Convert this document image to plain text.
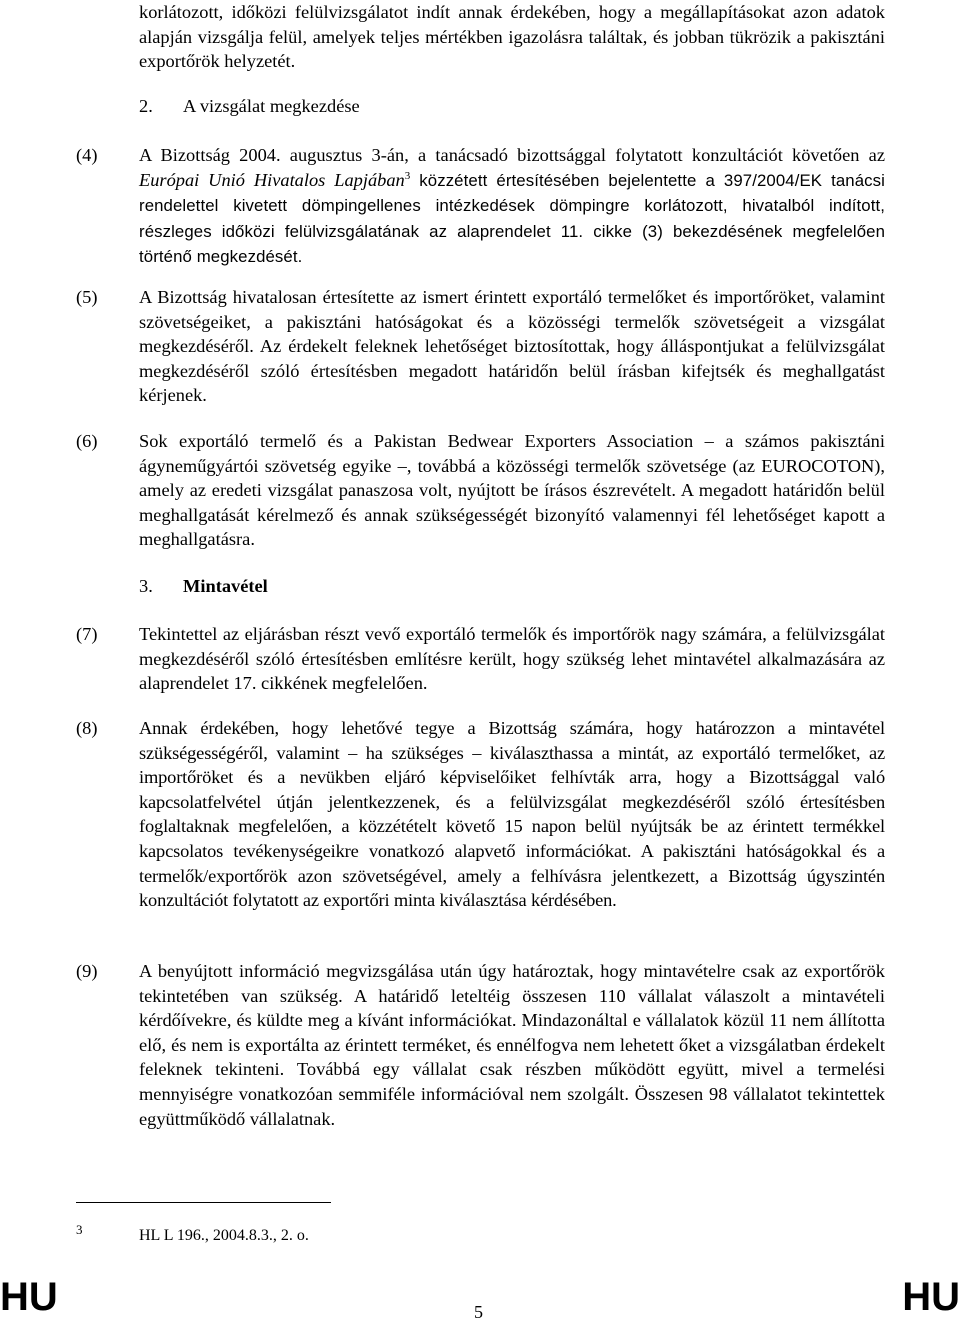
korlátozott, időközi felülvizsgálatot indít annak érdekében, hogy a megállapításokat azon adatok alapján vizsgálja felül, amelyek teljes mértékben igazolásra találtak, és jobban tükrözik a pakisztáni exportőrök helyzetét.
2. A vizsgálat megkezdése
(4) A Bizottság 2004. augusztus 3-án, a tanácsadó bizottsággal folytatott konzultációt követően az Európai Unió Hivatalos Lapjában$^3$ közzétett értesítésében bejelentette a 397/2004/EK tanácsi rendelettel kivetett dömpingellenes intézkedések dömpingre korlátozott, hivatalból indított, részleges időközi felülvizsgálatának az alaprendelet 11. cikke (3) bekezdésének megfelelően történő megkezdését.
(5) A Bizottság hivatalosan értesítette az ismert érintett exportáló termelőket és importőröket, valamint szövetségeiket, a pakisztáni hatóságokat és a közösségi termelők szövetségeit a vizsgálat megkezdéséről. Az érdekelt feleknek lehetőséget biztosítottak, hogy álláspontjukat a felülvizsgálat megkezdéséről szóló értesítésben megadott határidőn belül írásban kifejtsék és meghallgatást kérjenek.
(6) Sok exportáló termelő és a Pakistan Bedwear Exporters Association – a számos pakisztáni ágyneműgyártói szövetség egyike –, továbbá a közösségi termelők szövetsége (az EUROCOTON), amely az eredeti vizsgálat panaszosa volt, nyújtott be írásos észrevételt. A megadott határidőn belül meghallgatását kérelmező és annak szükségességét bizonyító valamennyi fél lehetőséget kapott a meghallgatásra.
3. Mintavétel
(7) Tekintettel az eljárásban részt vevő exportáló termelők és importőrök nagy számára, a felülvizsgálat megkezdéséről szóló értesítésben említésre került, hogy szükség lehet mintavétel alkalmazására az alaprendelet 17. cikkének megfelelően.
(8) Annak érdekében, hogy lehetővé tegye a Bizottság számára, hogy határozzon a mintavétel szükségességéről, valamint – ha szükséges – kiválaszthassa a mintát, az exportáló termelőket, az importőröket és a nevükben eljáró képviselőiket felhívták arra, hogy a Bizottsággal való kapcsolatfelvétel útján jelentkezzenek, és a felülvizsgálat megkezdéséről szóló értesítésben foglaltaknak megfelelően, a közzétételt követő 15 napon belül nyújtsák be az érintett termékkel kapcsolatos tevékenységeikre vonatkozó alapvető információkat. A pakisztáni hatóságokkal és a termelők/exportőrök azon szövetségével, amely a felhívásra jelentkezett, a Bizottság úgyszintén konzultációt folytatott az exportőri minta kiválasztása kérdésében.
(9) A benyújtott információ megvizsgálása után úgy határoztak, hogy mintavételre csak az exportőrök tekintetében van szükség. A határidő leteltéig összesen 110 vállalat válaszolt a mintavételi kérdőívekre, és küldte meg a kívánt információkat. Mindazonáltal e vállalatok közül 11 nem állította elő, és nem is exportálta az érintett terméket, és ennélfogva nem lehetett őket a vizsgálatban érdekelt feleknek tekinteni. Továbbá egy vállalat csak részben működött együtt, mivel a termelési mennyiségre vonatkozóan semmiféle információval nem szolgált. Összesen 98 vállalatot tekintettek együttműködő vállalatnak.
3	HL L 196., 2004.8.3., 2. o.
HU	5	HU
